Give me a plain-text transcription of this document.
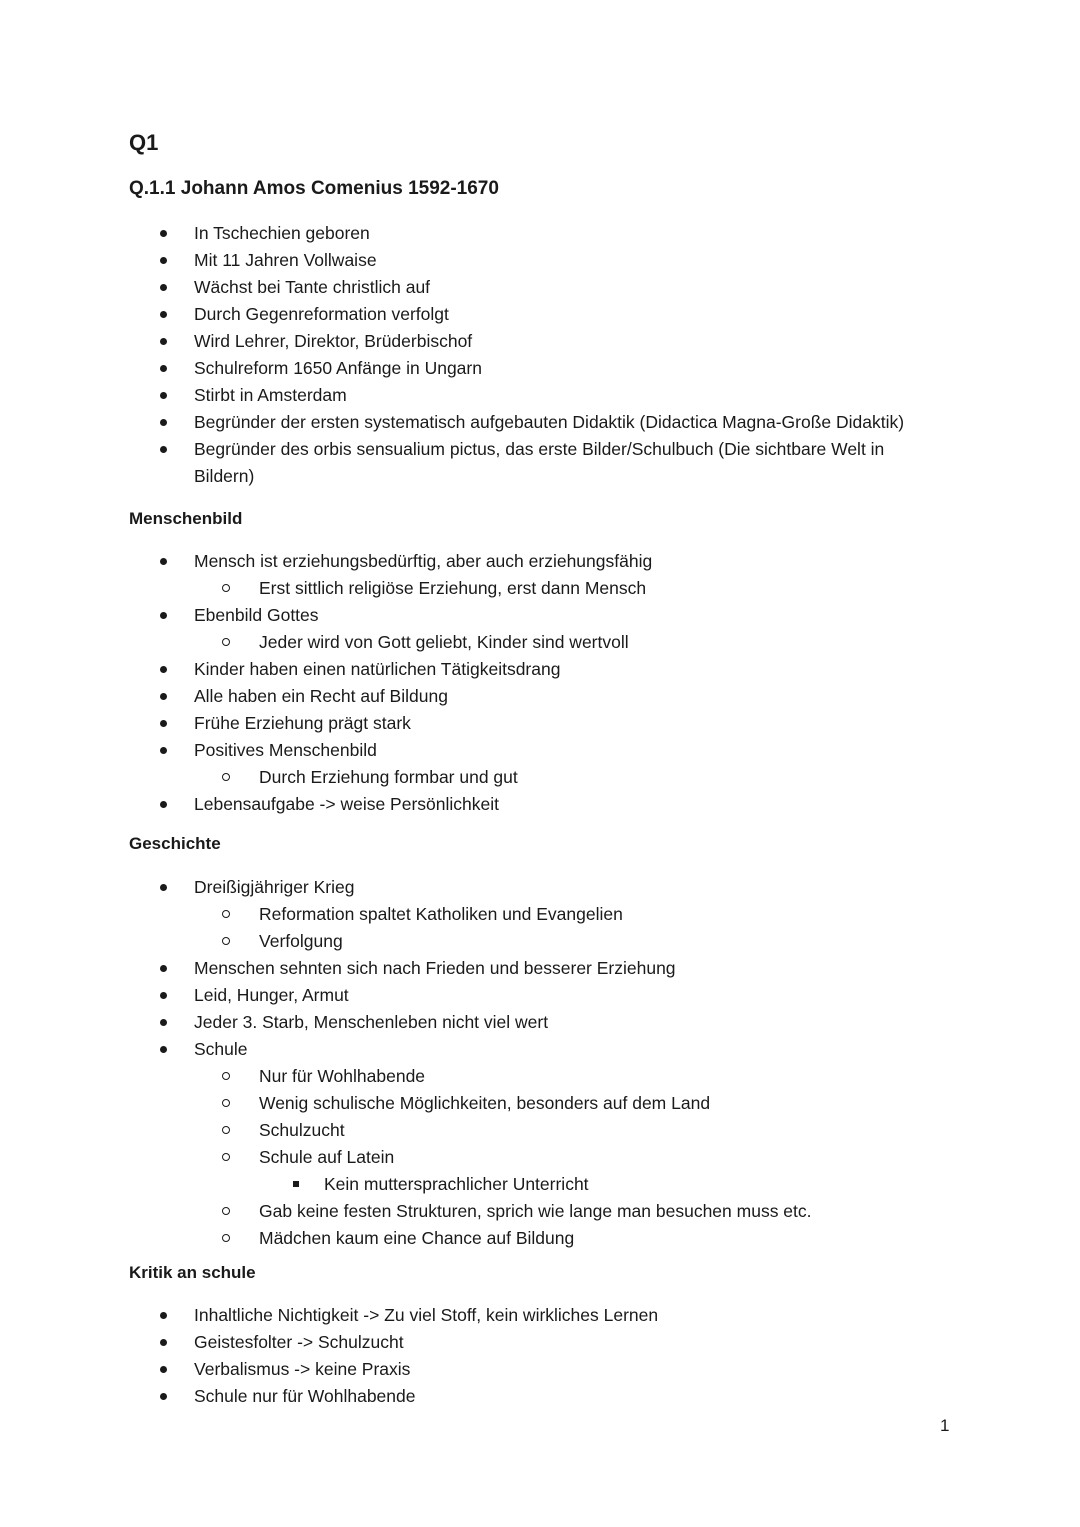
Q1
Q.1.1 Johann Amos Comenius 1592-1670
In Tschechien geboren
Mit 11 Jahren Vollwaise
Wächst bei Tante christlich auf
Durch Gegenreformation verfolgt
Wird Lehrer, Direktor, Brüderbischof
Schulreform 1650 Anfänge in Ungarn
Stirbt in Amsterdam
Begründer der ersten systematisch aufgebauten Didaktik (Didactica Magna-Große Didaktik)
Begründer des orbis sensualium pictus, das erste Bilder/Schulbuch (Die sichtbare Welt in Bildern)
Menschenbild
Mensch ist erziehungsbedürftig, aber auch erziehungsfähig
Erst sittlich religiöse Erziehung, erst dann Mensch
Ebenbild Gottes
Jeder wird von Gott geliebt, Kinder sind wertvoll
Kinder haben einen natürlichen Tätigkeitsdrang
Alle haben ein Recht auf Bildung
Frühe Erziehung prägt stark
Positives Menschenbild
Durch Erziehung formbar und gut
Lebensaufgabe -> weise Persönlichkeit
Geschichte
Dreißigjähriger Krieg
Reformation spaltet Katholiken und Evangelien
Verfolgung
Menschen sehnten sich nach Frieden und besserer Erziehung
Leid, Hunger, Armut
Jeder 3. Starb, Menschenleben nicht viel wert
Schule
Nur für Wohlhabende
Wenig schulische Möglichkeiten, besonders auf dem Land
Schulzucht
Schule auf Latein
Kein muttersprachlicher Unterricht
Gab keine festen Strukturen, sprich wie lange man besuchen muss etc.
Mädchen kaum eine Chance auf Bildung
Kritik an schule
Inhaltliche Nichtigkeit -> Zu viel Stoff, kein wirkliches Lernen
Geistesfolter -> Schulzucht
Verbalismus -> keine Praxis
Schule nur für Wohlhabende
1
